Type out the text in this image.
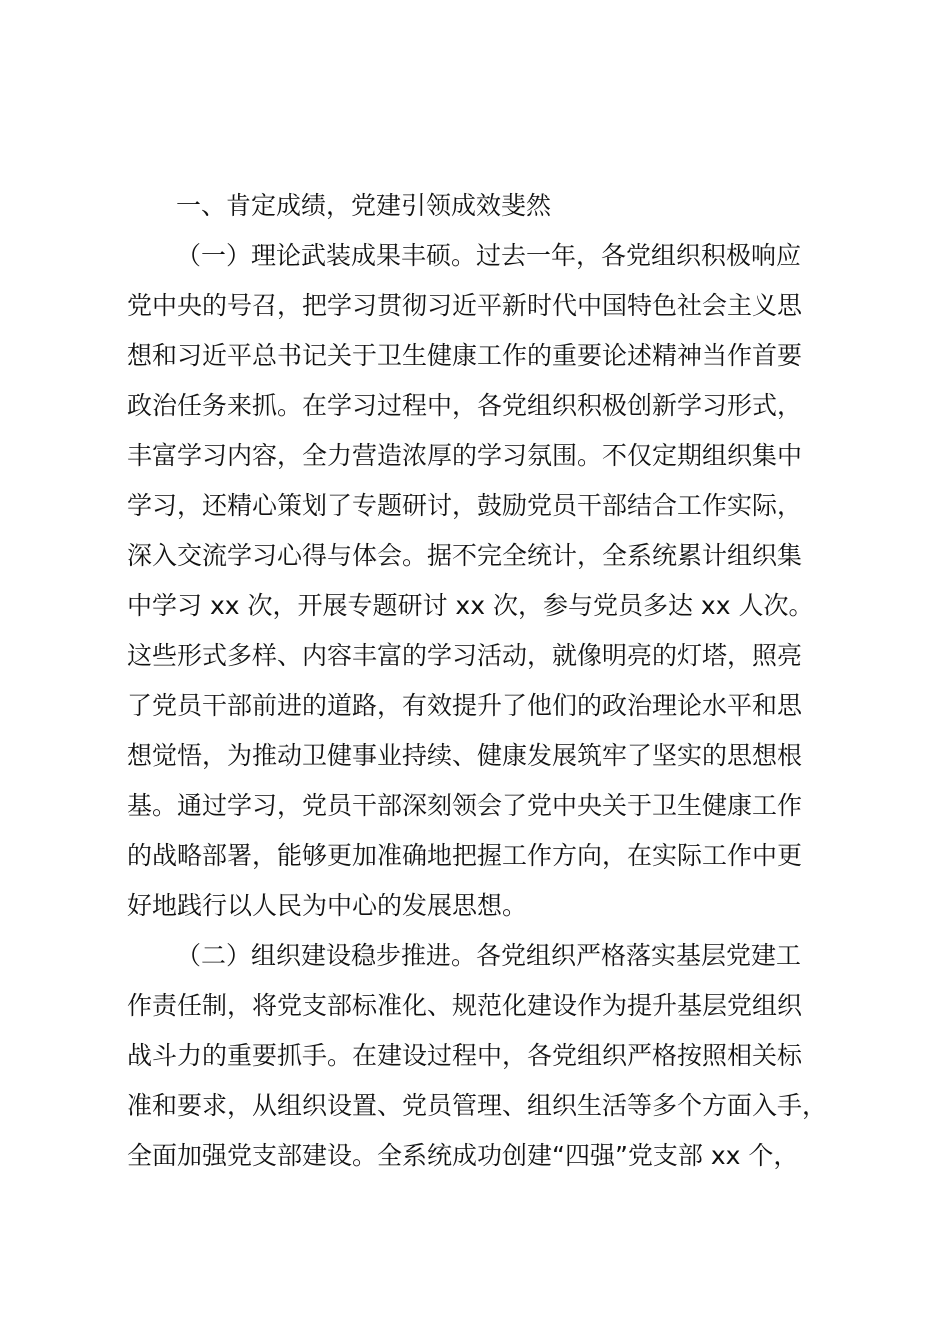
一、肯定成绩，党建引领成效斐然

（一）理论武装成果丰硕。过去一年，各党组织积极响应

党中央的号召，把学习贯彻习近平新时代中国特色社会主义思

想和习近平总书记关于卫生健康工作的重要论述精神当作首要

政治任务来抓。在学习过程中，各党组织积极创新学习形式，

丰富学习内容，全力营造浓厚的学习氛围。不仅定期组织集中

学习，还精心策划了专题研讨，鼓励党员干部结合工作实际，

深入交流学习心得与体会。据不完全统计，全系统累计组织集

中学习 xx 次，开展专题研讨 xx 次，参与党员多达 xx 人次。

这些形式多样、内容丰富的学习活动，就像明亮的灯塔，照亮

了党员干部前进的道路，有效提升了他们的政治理论水平和思

想觉悟，为推动卫健事业持续、健康发展筑牢了坚实的思想根

基。通过学习，党员干部深刻领会了党中央关于卫生健康工作

的战略部署，能够更加准确地把握工作方向，在实际工作中更

好地践行以人民为中心的发展思想。

（二）组织建设稳步推进。各党组织严格落实基层党建工

作责任制，将党支部标准化、规范化建设作为提升基层党组织

战斗力的重要抓手。在建设过程中，各党组织严格按照相关标

准和要求，从组织设置、党员管理、组织生活等多个方面入手，

全面加强党支部建设。全系统成功创建“四强”党支部 xx 个，
